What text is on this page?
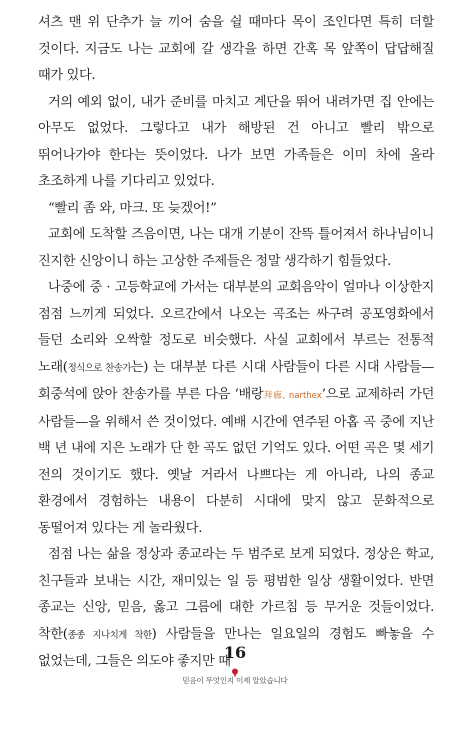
셔츠 맨 위 단추가 늘 끼어 숨을 쉴 때마다 목이 조인다면 특히 더할 것이다. 지금도 나는 교회에 갈 생각을 하면 간혹 목 앞쪽이 답답해질 때가 있다.

거의 예외 없이, 내가 준비를 마치고 계단을 뛰어 내려가면 집 안에는 아무도 없었다. 그렇다고 내가 해방된 건 아니고 빨리 밖으로 뛰어나가야 한다는 뜻이었다. 나가 보면 가족들은 이미 차에 올라 초조하게 나를 기다리고 있었다.

“빨리 좀 와, 마크. 또 늦겠어!”

교회에 도착할 즈음이면, 나는 대개 기분이 잔뜩 틀어져서 하나님이니 진지한 신앙이니 하는 고상한 주제들은 정말 생각하기 힘들었다.

나중에 중 · 고등학교에 가서는 대부분의 교회음악이 얼마나 이상한지 점점 느끼게 되었다. 오르간에서 나오는 곡조는 싸구려 공포영화에서 들던 소리와 오싹할 정도로 비슷했다. 사실 교회에서 부르는 전통적 노래(정식으로 찬송가는) 는 대부분 다른 시대 사람들이 다른 시대 사람들—회중석에 앉아 찬송가를 부른 다음 ‘배랑拜廊, narthex’으로 교제하러 가던 사람들—을 위해서 쓴 것이었다. 예배 시간에 연주된 아홉 곡 중에 지난 백 년 내에 지은 노래가 단 한 곡도 없던 기억도 있다. 어떤 곡은 몇 세기 전의 것이기도 했다. 옛날 거라서 나쁘다는 게 아니라, 나의 종교 환경에서 경험하는 내용이 다분히 시대에 맞지 않고 문화적으로 동떨어져 있다는 게 놀라웠다.

점점 나는 삶을 정상과 종교라는 두 범주로 보게 되었다. 정상은 학교, 친구들과 보내는 시간, 재미있는 일 등 평범한 일상 생활이었다. 반면 종교는 신앙, 믿음, 옳고 그름에 대한 가르침 등 무거운 것들이었다. 착한(종종 지나치게 착한) 사람들을 만나는 일요일의 경험도 빠놓을 수 없었는데, 그들은 의도야 좋지만 때

16
믿음이 무엇인지 이제 알았습니다
